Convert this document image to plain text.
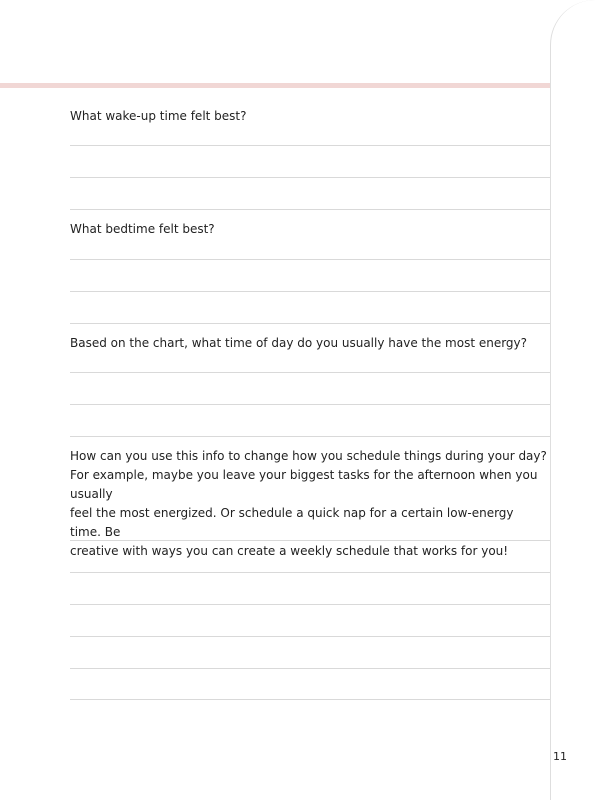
What wake-up time felt best?

What bedtime felt best?

Based on the chart, what time of day do you usually have the most energy?

How can you use this info to change how you schedule things during your day?
For example, maybe you leave your biggest tasks for the afternoon when you usually
feel the most energized. Or schedule a quick nap for a certain low-energy time. Be
creative with ways you can create a weekly schedule that works for you!

11
